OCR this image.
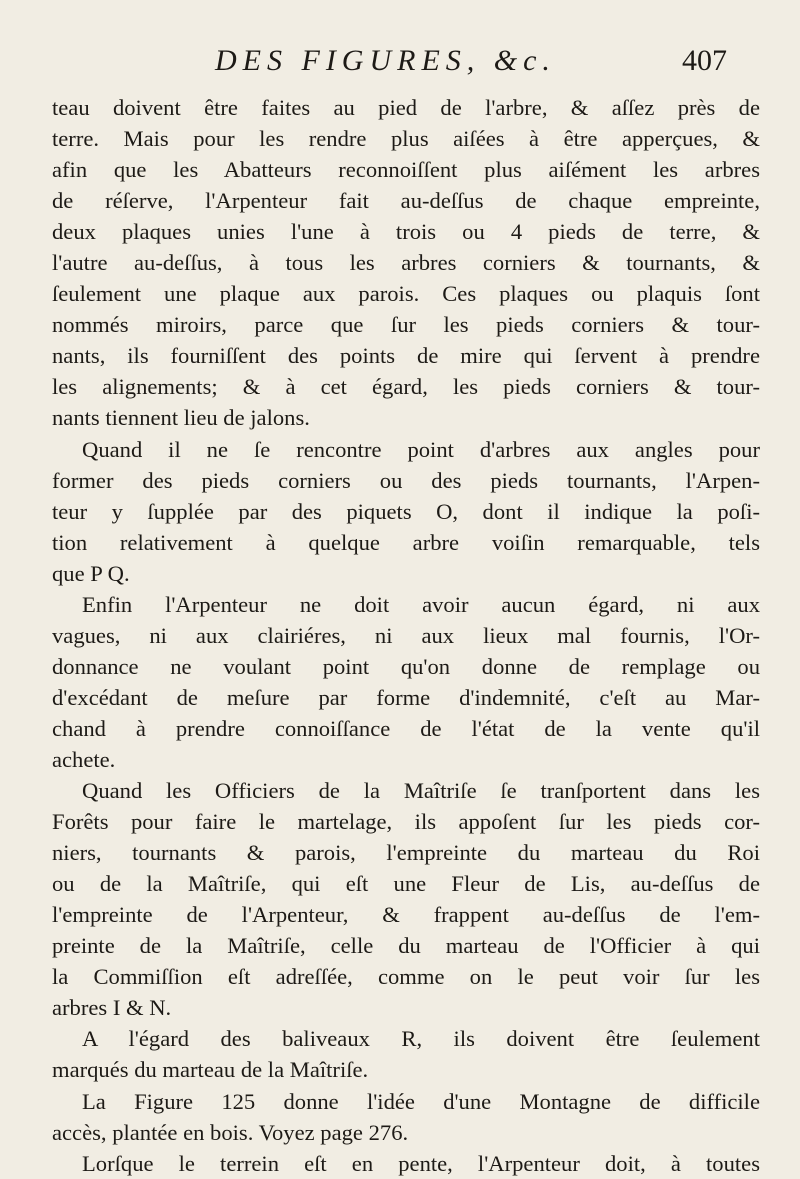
DES FIGURES, &c.	407
teau doivent être faites au pied de l'arbre, & aſſez près de
terre. Mais pour les rendre plus aiſées à être apperçues, &
afin que les Abatteurs reconnoiſſent plus aiſément les arbres
de réſerve, l'Arpenteur fait au-deſſus de chaque empreinte,
deux plaques unies l'une à trois ou 4 pieds de terre, &
l'autre au-deſſus, à tous les arbres corniers & tournants, &
ſeulement une plaque aux parois. Ces plaques ou plaquis ſont
nommés miroirs, parce que ſur les pieds corniers & tour-
nants, ils fourniſſent des points de mire qui ſervent à prendre
les alignements; & à cet égard, les pieds corniers & tour-
nants tiennent lieu de jalons.
Quand il ne ſe rencontre point d'arbres aux angles pour
former des pieds corniers ou des pieds tournants, l'Arpen-
teur y ſupplée par des piquets O, dont il indique la poſi-
tion relativement à quelque arbre voiſin remarquable, tels
que P Q.
Enfin l'Arpenteur ne doit avoir aucun égard, ni aux
vagues, ni aux clairiéres, ni aux lieux mal fournis, l'Or-
donnance ne voulant point qu'on donne de remplage ou
d'excédant de meſure par forme d'indemnité, c'eſt au Mar-
chand à prendre connoiſſance de l'état de la vente qu'il
achete.
Quand les Officiers de la Maîtriſe ſe tranſportent dans les
Forêts pour faire le martelage, ils appoſent ſur les pieds cor-
niers, tournants & parois, l'empreinte du marteau du Roi
ou de la Maîtriſe, qui eſt une Fleur de Lis, au-deſſus de
l'empreinte de l'Arpenteur, & frappent au-deſſus de l'em-
preinte de la Maîtriſe, celle du marteau de l'Officier à qui
la Commiſſion eſt adreſſée, comme on le peut voir ſur les
arbres I & N.
A l'égard des baliveaux R, ils doivent être ſeulement
marqués du marteau de la Maîtriſe.
La Figure 125 donne l'idée d'une Montagne de difficile
accès, plantée en bois. Voyez page 276.
Lorſque le terrein eſt en pente, l'Arpenteur doit, à toutes
